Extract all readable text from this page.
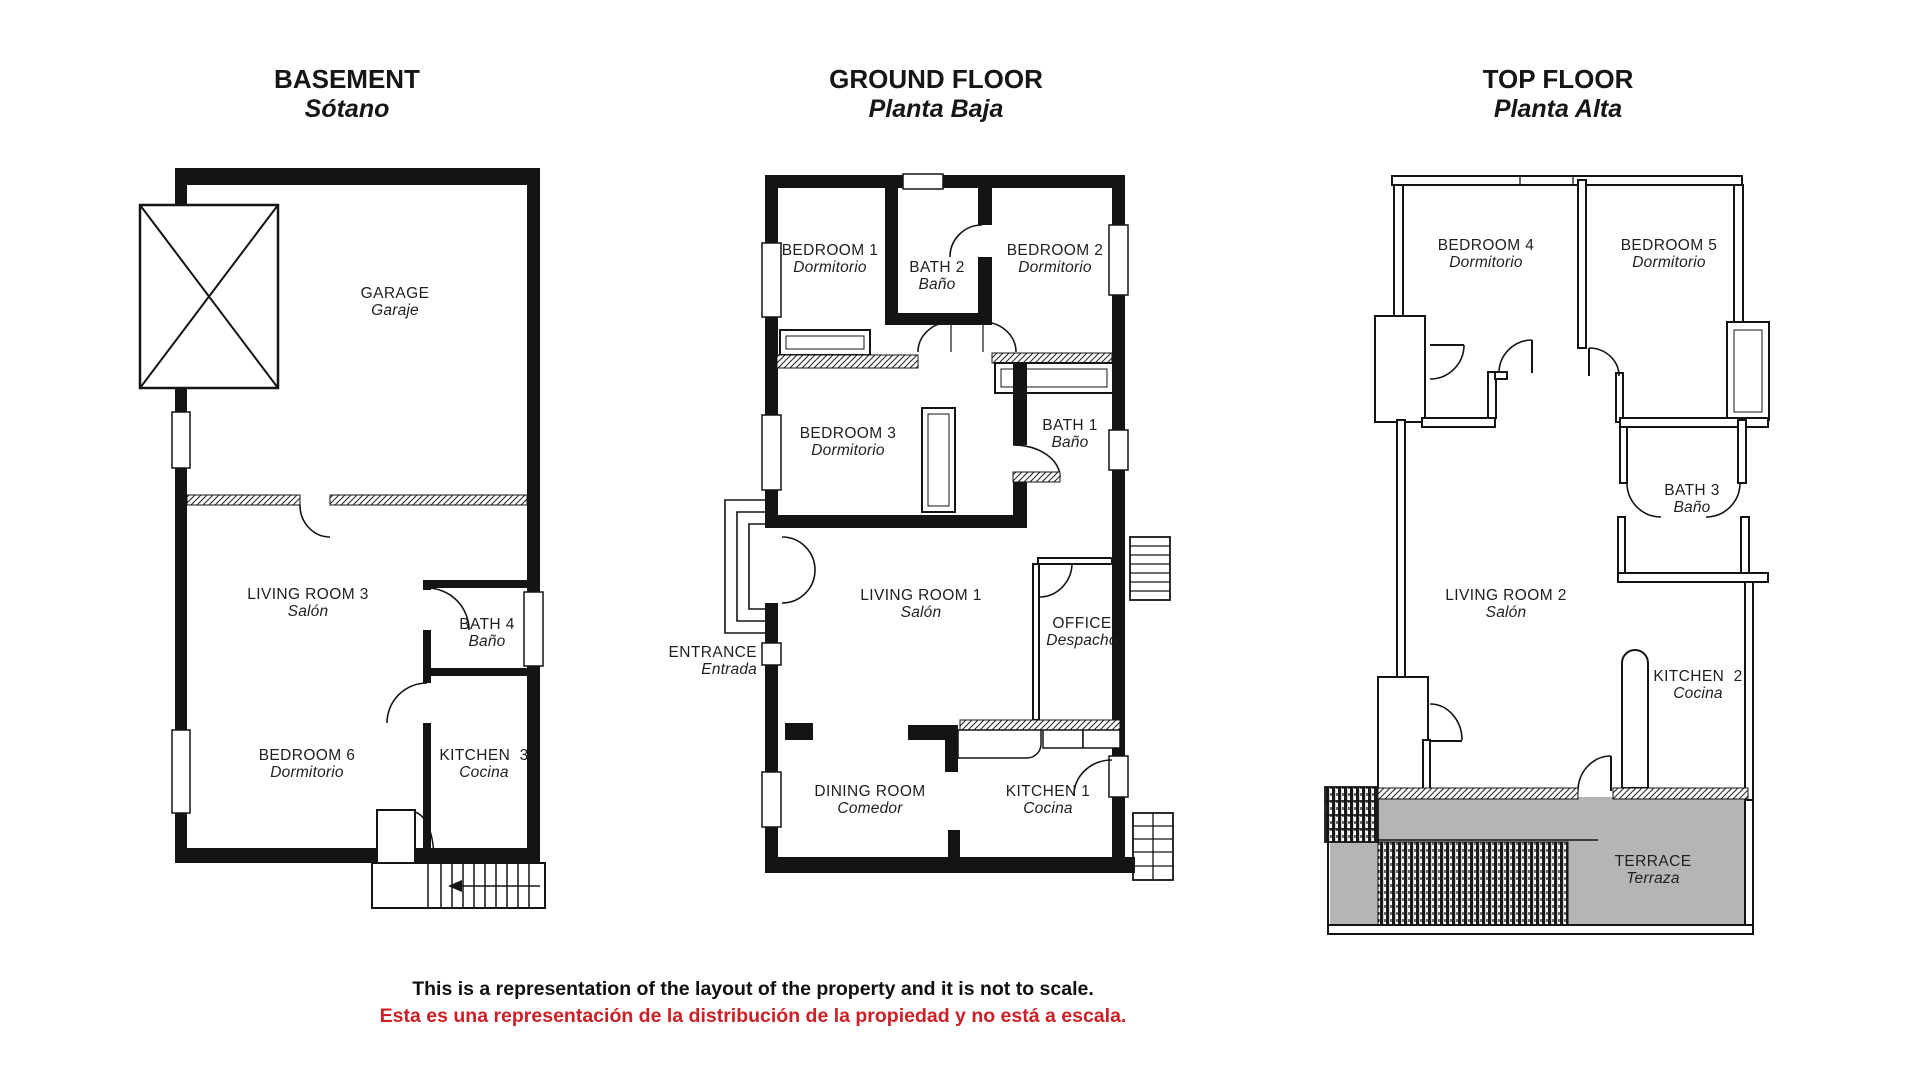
BASEMENT
Sótano
GROUND FLOOR
Planta Baja
TOP FLOOR
Planta Alta
GARAGE
Garaje
LIVING ROOM 3
Salón
BATH 4
Baño
BEDROOM 6
Dormitorio
KITCHEN  3
Cocina
BEDROOM 1
Dormitorio	BATH 2
Baño
BEDROOM 2
Dormitorio
BEDROOM 3
Dormitorio
BATH 1
Baño
LIVING ROOM 1
Salón
OFFICE
Despacho
ENTRANCE
Entrada
DINING ROOM
Comedor
KITCHEN 1
Cocina
BEDROOM 4
Dormitorio
BEDROOM 5
Dormitorio
BATH 3
Baño
LIVING ROOM 2
Salón
KITCHEN  2
Cocina
TERRACE
Terraza
This is a representation of the layout of the property and it is not to scale.
Esta es una representación de la distribución de la propiedad y no está a escala.
